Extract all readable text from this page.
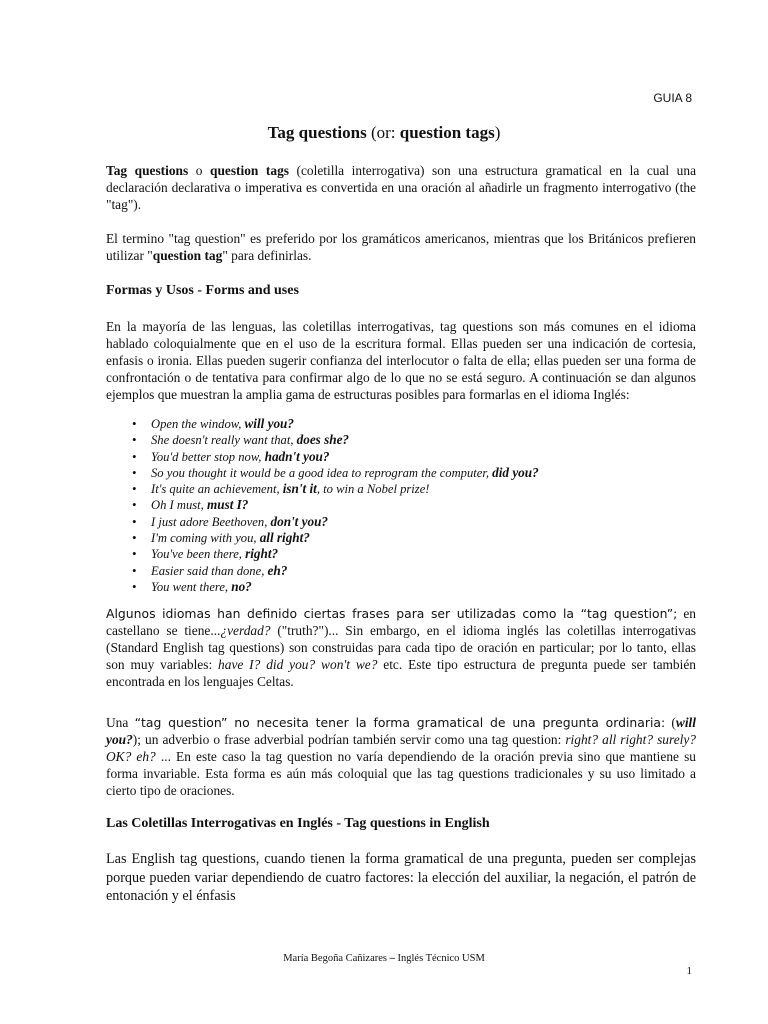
GUIA 8
Tag questions (or: question tags)

Tag questions o question tags (coletilla interrogativa) son una estructura gramatical en la cual una declaración declarativa o imperativa es convertida en una oración al añadirle un fragmento interrogativo (the "tag").

El termino "tag question" es preferido por los gramáticos americanos, mientras que los Británicos prefieren utilizar "question tag" para definirlas.

Formas y Usos - Forms and uses

En la mayoría de las lenguas, las coletillas interrogativas, tag questions son más comunes en el idioma hablado coloquialmente que en el uso de la escritura formal. Ellas pueden ser una indicación de cortesia, enfasis o ironia. Ellas pueden sugerir confianza del interlocutor o falta de ella; ellas pueden ser una forma de confrontación o de tentativa para confirmar algo de lo que no se está seguro. A continuación se dan algunos ejemplos que muestran la amplia gama de estructuras posibles para formarlas en el idioma Inglés:

• Open the window, will you?
• She doesn't really want that, does she?
• You'd better stop now, hadn't you?
• So you thought it would be a good idea to reprogram the computer, did you?
• It's quite an achievement, isn't it, to win a Nobel prize!
• Oh I must, must I?
• I just adore Beethoven, don't you?
• I'm coming with you, all right?
• You've been there, right?
• Easier said than done, eh?
• You went there, no?

Algunos idiomas han definido ciertas frases para ser utilizadas como la “tag question”; en castellano se tiene...¿verdad? ("truth?")... Sin embargo, en el idioma inglés las coletillas interrogativas (Standard English tag questions) son construidas para cada tipo de oración en particular; por lo tanto, ellas son muy variables: have I? did you? won't we? etc. Este tipo estructura de pregunta puede ser también encontrada en los lenguajes Celtas.

Una “tag question” no necesita tener la forma gramatical de una pregunta ordinaria: (will you?); un adverbio o frase adverbial podrían también servir como una tag question: right? all right? surely? OK? eh? ... En este caso la tag question no varía dependiendo de la oración previa sino que mantiene su forma invariable. Esta forma es aún más coloquial que las tag questions tradicionales y su uso limitado a cierto tipo de oraciones.

Las Coletillas Interrogativas en Inglés - Tag questions in English

Las English tag questions, cuando tienen la forma gramatical de una pregunta, pueden ser complejas porque pueden variar dependiendo de cuatro factores: la elección del auxiliar, la negación, el patrón de entonación y el énfasis

María Begoña Cañizares – Inglés Técnico USM
1
